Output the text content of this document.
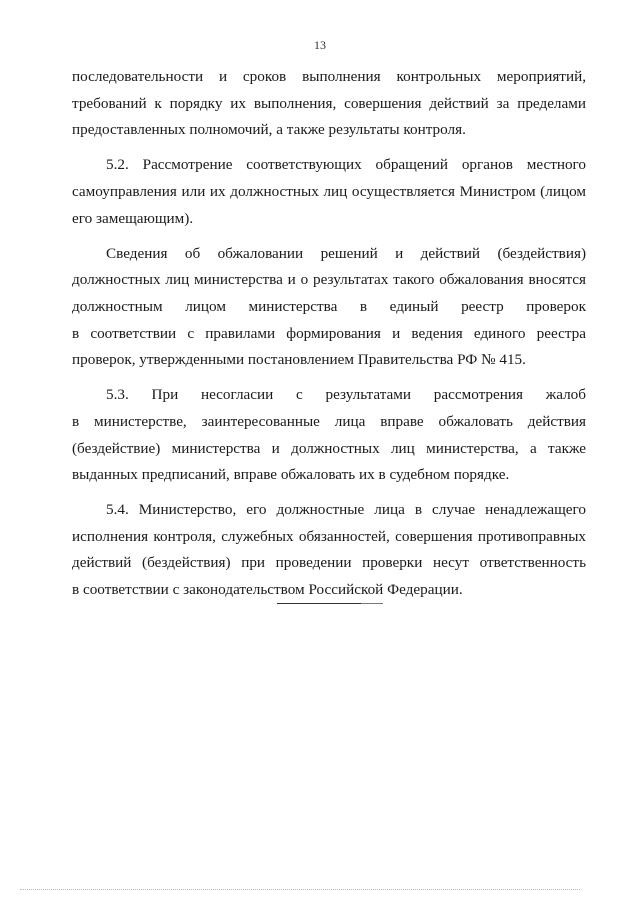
13

последовательности и сроков выполнения контрольных мероприятий,
требований к порядку их выполнения, совершения действий за пределами
предоставленных полномочий, а также результаты контроля.

5.2. Рассмотрение соответствующих обращений органов местного
самоуправления или их должностных лиц осуществляется Министром (лицом
его замещающим).

Сведения об обжаловании решений и действий (бездействия)
должностных лиц министерства и о результатах такого обжалования вносятся
должностным лицом министерства в единый реестр проверок
в соответствии с правилами формирования и ведения единого реестра
проверок, утвержденными постановлением Правительства РФ № 415.

5.3. При несогласии с результатами рассмотрения жалоб
в министерстве, заинтересованные лица вправе обжаловать действия
(бездействие) министерства и должностных лиц министерства, а также
выданных предписаний, вправе обжаловать их в судебном порядке.

5.4. Министерство, его должностные лица в случае ненадлежащего
исполнения контроля, служебных обязанностей, совершения противоправных
действий (бездействия) при проведении проверки несут ответственность
в соответствии с законодательством Российской Федерации.
